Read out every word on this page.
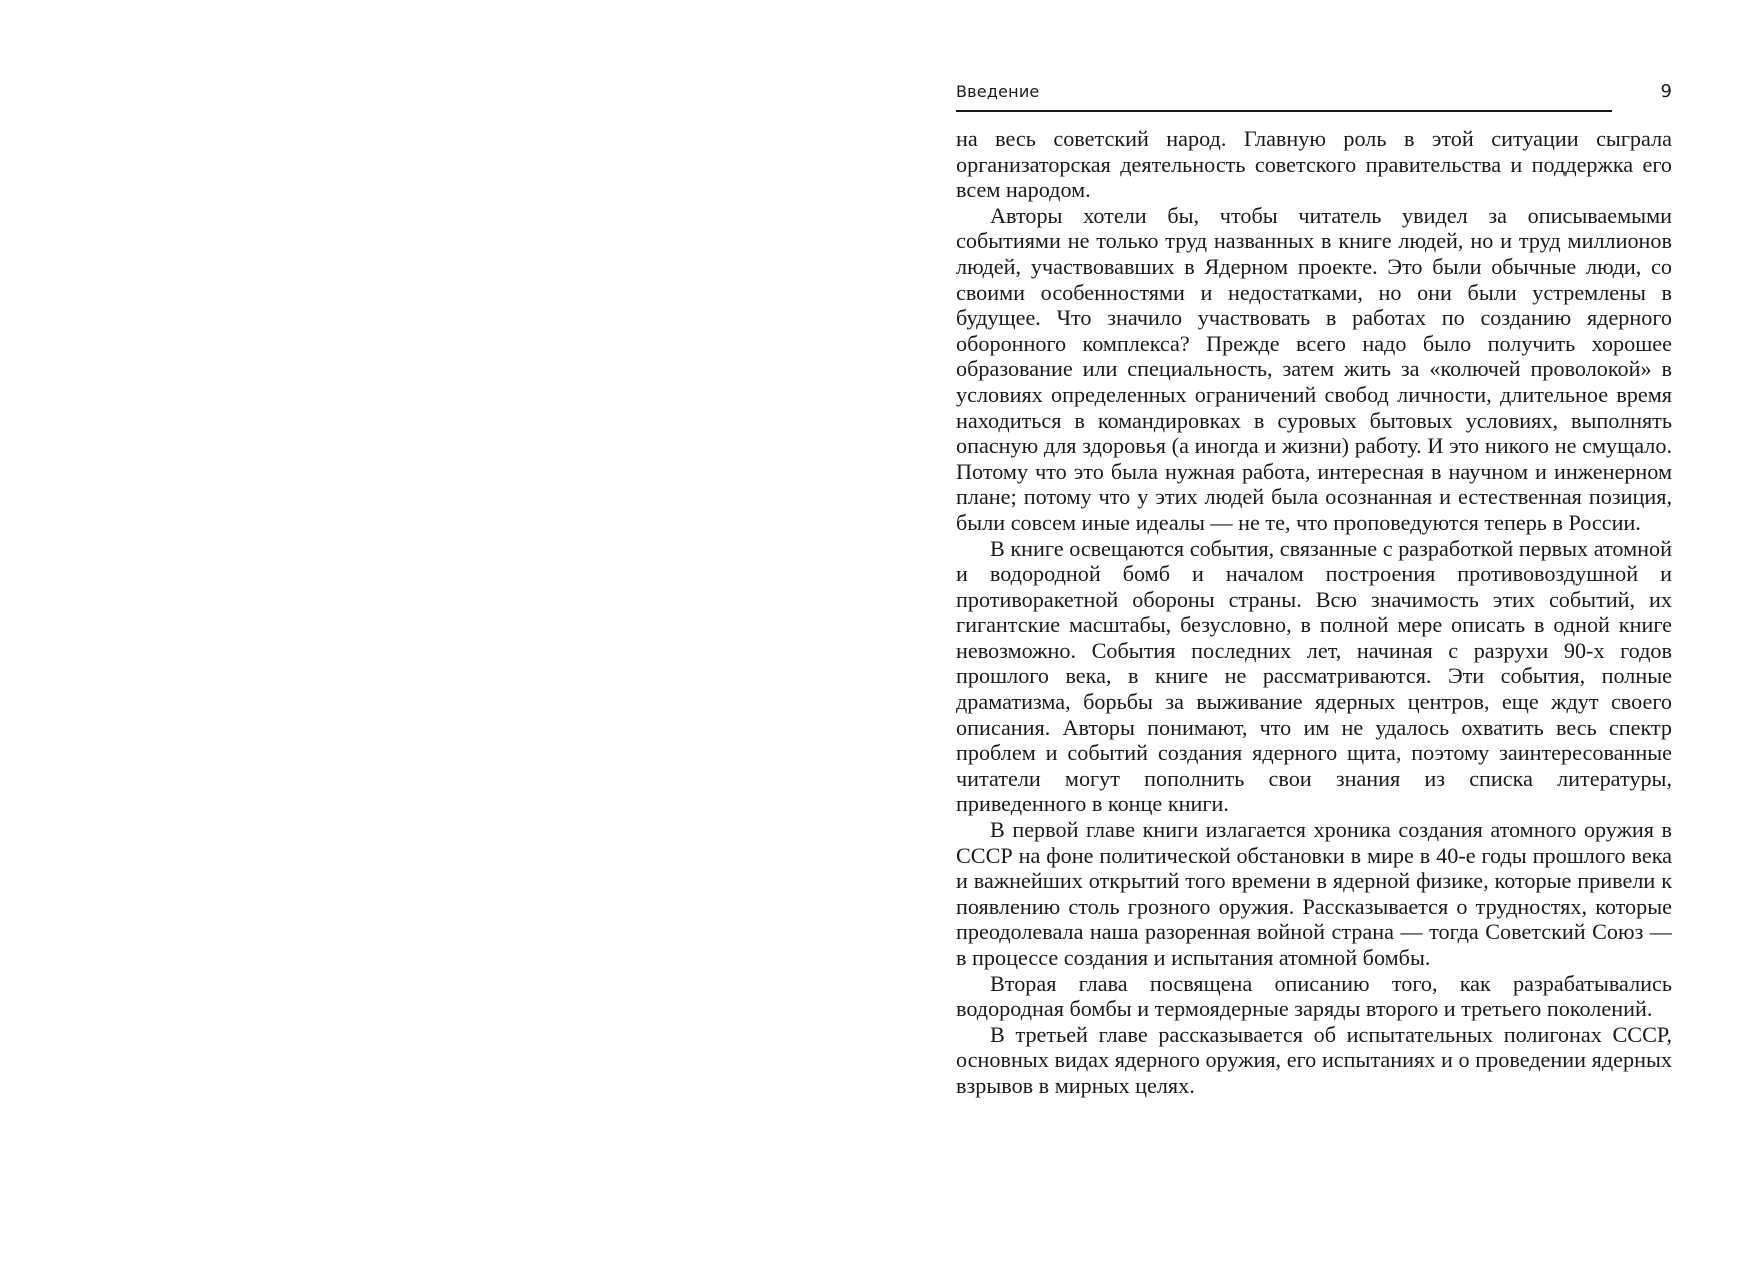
Введение	9

на весь советский народ. Главную роль в этой ситуации сыграла организаторская деятельность советского правительства и поддержка его всем народом.

Авторы хотели бы, чтобы читатель увидел за описываемыми событиями не только труд названных в книге людей, но и труд миллионов людей, участвовавших в Ядерном проекте. Это были обычные люди, со своими особенностями и недостатками, но они были устремлены в будущее. Что значило участвовать в работах по созданию ядерного оборонного комплекса? Прежде всего надо было получить хорошее образование или специальность, затем жить за «колючей проволокой» в условиях определенных ограничений свобод личности, длительное время находиться в командировках в суровых бытовых условиях, выполнять опасную для здоровья (а иногда и жизни) работу. И это никого не смущало. Потому что это была нужная работа, интересная в научном и инженерном плане; потому что у этих людей была осознанная и естественная позиция, были совсем иные идеалы — не те, что проповедуются теперь в России.

В книге освещаются события, связанные с разработкой первых атомной и водородной бомб и началом построения противовоздушной и противоракетной обороны страны. Всю значимость этих событий, их гигантские масштабы, безусловно, в полной мере описать в одной книге невозможно. События последних лет, начиная с разрухи 90-х годов прошлого века, в книге не рассматриваются. Эти события, полные драматизма, борьбы за выживание ядерных центров, еще ждут своего описания. Авторы понимают, что им не удалось охватить весь спектр проблем и событий создания ядерного щита, поэтому заинтересованные читатели могут пополнить свои знания из списка литературы, приведенного в конце книги.

В первой главе книги излагается хроника создания атомного оружия в СССР на фоне политической обстановки в мире в 40-е годы прошлого века и важнейших открытий того времени в ядерной физике, которые привели к появлению столь грозного оружия. Рассказывается о трудностях, которые преодолевала наша разоренная войной страна — тогда Советский Союз — в процессе создания и испытания атомной бомбы.

Вторая глава посвящена описанию того, как разрабатывались водородная бомбы и термоядерные заряды второго и третьего поколений.

В третьей главе рассказывается об испытательных полигонах СССР, основных видах ядерного оружия, его испытаниях и о проведении ядерных взрывов в мирных целях.
